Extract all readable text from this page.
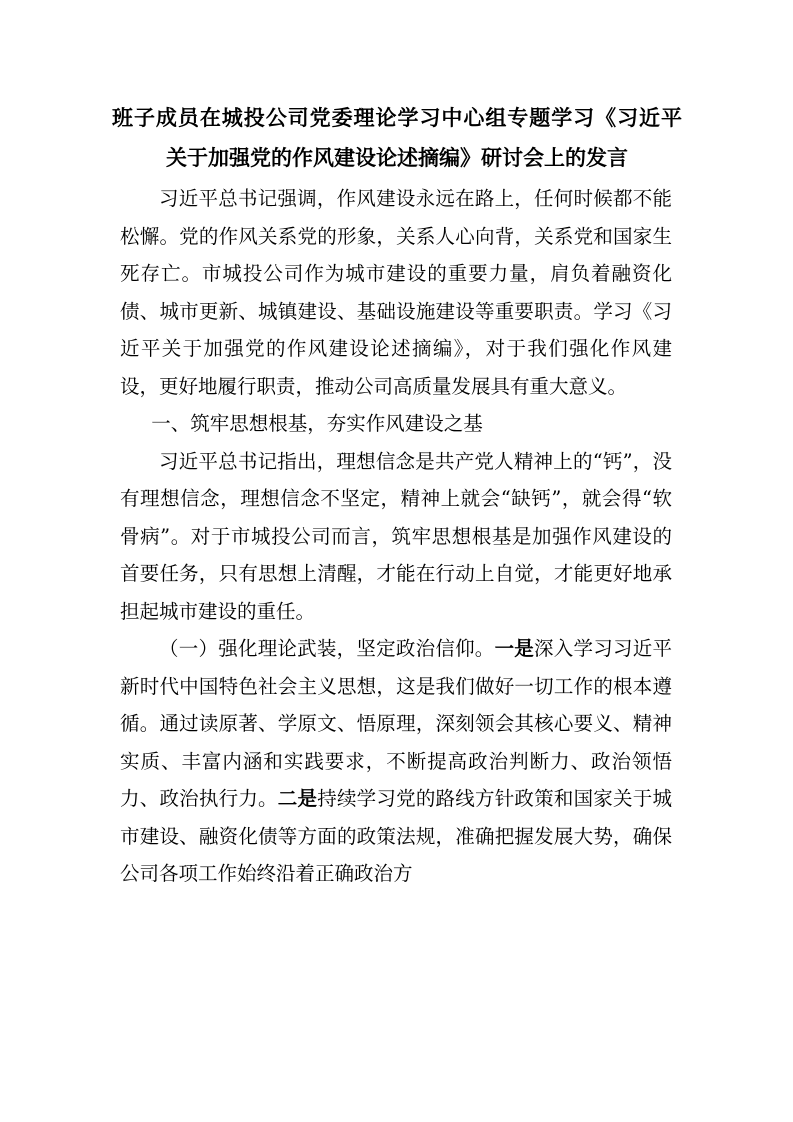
班子成员在城投公司党委理论学习中心组专题学习《习近平
关于加强党的作风建设论述摘编》研讨会上的发言

习近平总书记强调，作风建设永远在路上，任何时候都不能松懈。党的作风关系党的形象，关系人心向背，关系党和国家生死存亡。市城投公司作为城市建设的重要力量，肩负着融资化债、城市更新、城镇建设、基础设施建设等重要职责。学习《习近平关于加强党的作风建设论述摘编》，对于我们强化作风建设，更好地履行职责，推动公司高质量发展具有重大意义。

一、筑牢思想根基，夯实作风建设之基

习近平总书记指出，理想信念是共产党人精神上的“钙”，没有理想信念，理想信念不坚定，精神上就会“缺钙”，就会得“软骨病”。对于市城投公司而言，筑牢思想根基是加强作风建设的首要任务，只有思想上清醒，才能在行动上自觉，才能更好地承担起城市建设的重任。

（一）强化理论武装，坚定政治信仰。一是深入学习习近平新时代中国特色社会主义思想，这是我们做好一切工作的根本遵循。通过读原著、学原文、悟原理，深刻领会其核心要义、精神实质、丰富内涵和实践要求，不断提高政治判断力、政治领悟力、政治执行力。二是持续学习党的路线方针政策和国家关于城市建设、融资化债等方面的政策法规，准确把握发展大势，确保公司各项工作始终沿着正确政治方
